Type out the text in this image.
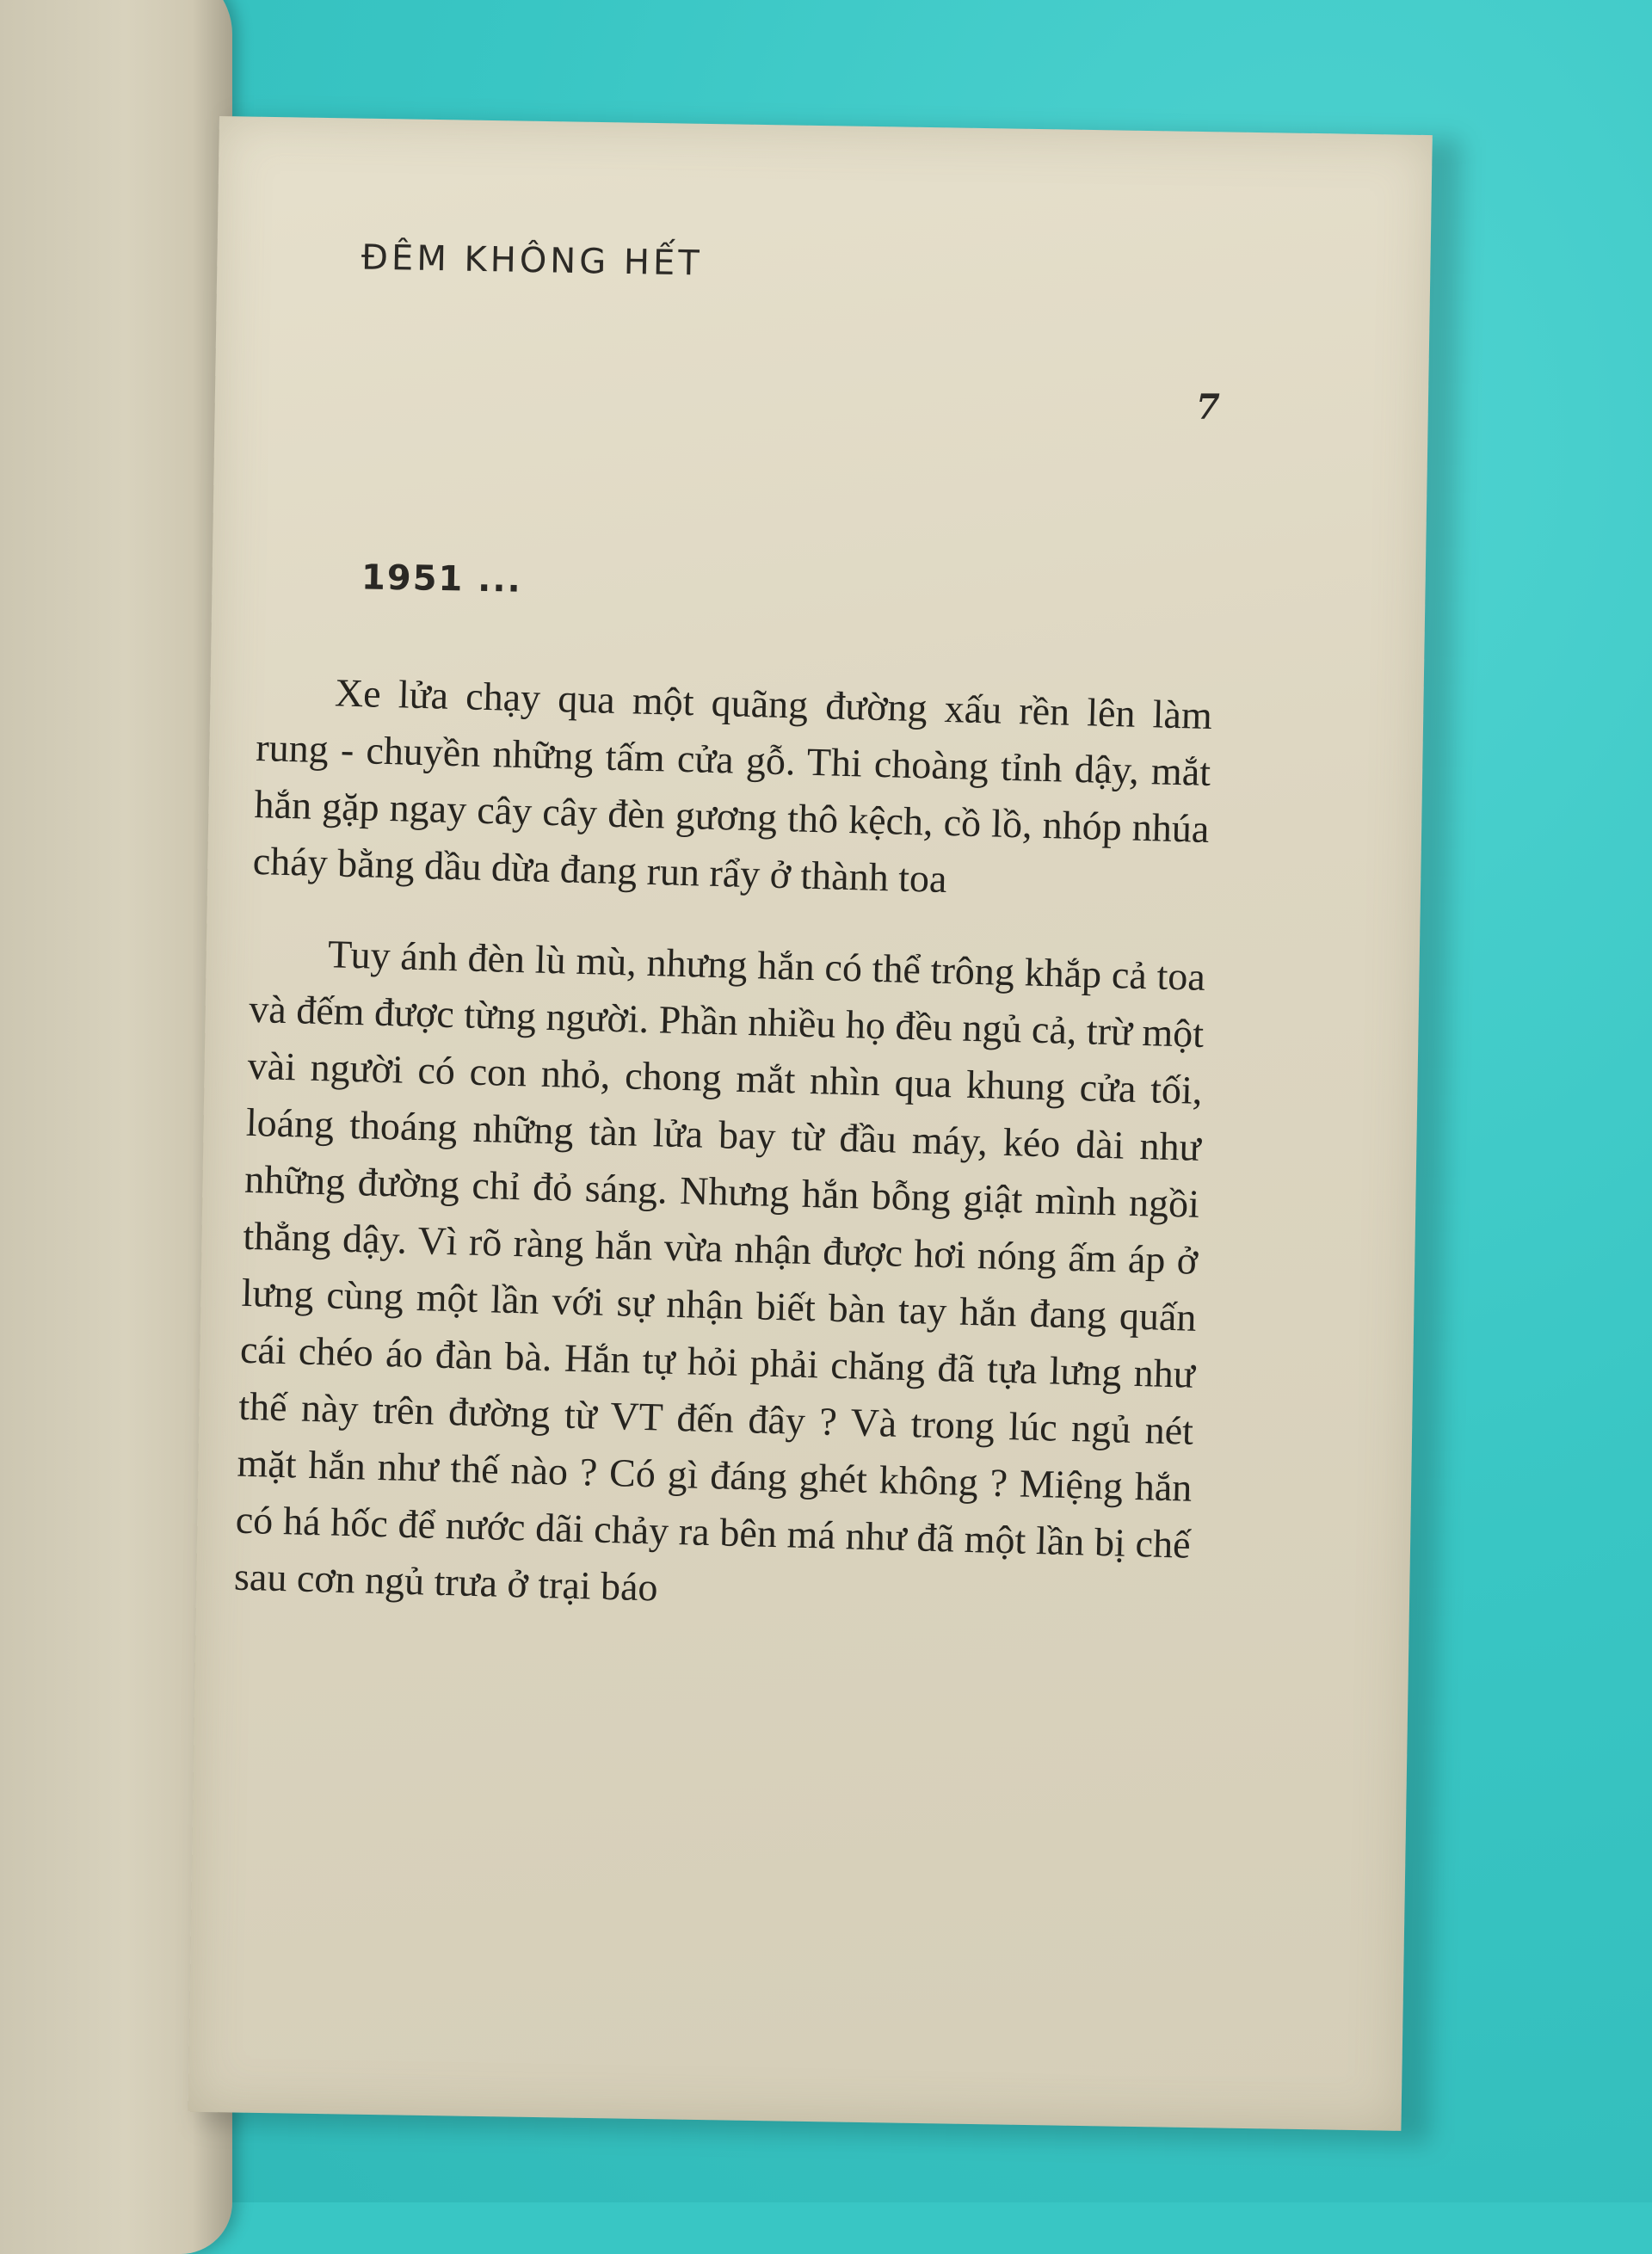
ĐÊM KHÔNG HẾT
7
1951 ...

Xe lửa chạy qua một quãng đường xấu rền lên làm rung - chuyền những tấm cửa gỗ. Thi choàng tỉnh dậy, mắt hắn gặp ngay cây cây đèn gương thô kệch, cồ lồ, nhóp nhúa cháy bằng dầu dừa đang run rẩy ở thành toa

Tuy ánh đèn lù mù, nhưng hắn có thể trông khắp cả toa và đếm được từng người. Phần nhiều họ đều ngủ cả, trừ một vài người có con nhỏ, chong mắt nhìn qua khung cửa tối, loáng thoáng những tàn lửa bay từ đầu máy, kéo dài như những đường chỉ đỏ sáng. Nhưng hắn bỗng giật mình ngồi thẳng dậy. Vì rõ ràng hắn vừa nhận được hơi nóng ấm áp ở lưng cùng một lần với sự nhận biết bàn tay hắn đang quấn cái chéo áo đàn bà. Hắn tự hỏi phải chăng đã tựa lưng như thế này trên đường từ VT đến đây ? Và trong lúc ngủ nét mặt hắn như thế nào ? Có gì đáng ghét không ? Miệng hắn có há hốc để nước dãi chảy ra bên má như đã một lần bị chế sau cơn ngủ trưa ở trại báo
